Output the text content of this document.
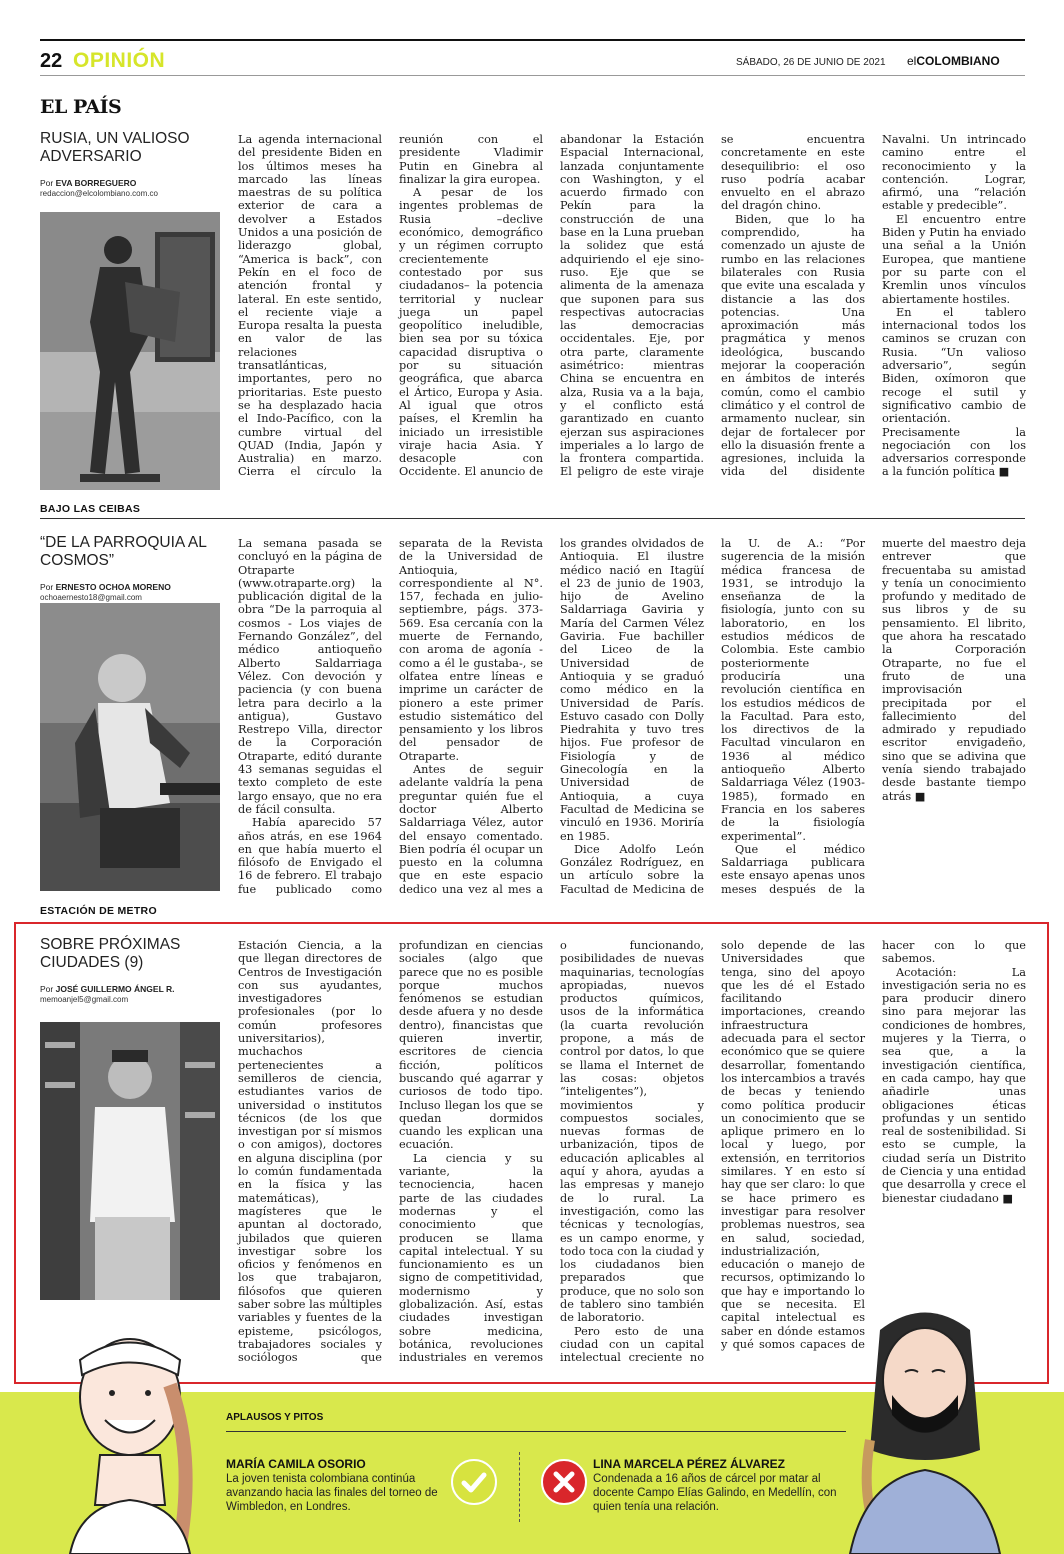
22 OPINIÓN	SÁBADO, 26 DE JUNIO DE 2021 elCOLOMBIANO
EL PAÍS
RUSIA, UN VALIOSO ADVERSARIO
Por EVA BORREGUERO
redaccion@elcolombiano.com.co

La agenda internacional del presidente Biden en los últimos meses ha marcado las líneas maestras de su política exterior de cara a devolver a Estados Unidos a una posición de liderazgo global, “America is back”, con Pekín en el foco de atención frontal y lateral. En este sentido, el reciente viaje a Europa resalta la puesta en valor de las relaciones transatlánticas, importantes, pero no prioritarias. Este puesto se ha desplazado hacia el Indo-Pacífico, con la cumbre virtual del QUAD (India, Japón y Australia) en marzo. Cierra el círculo la reunión con el presidente Vladimir Putin en Ginebra al finalizar la gira europea.

A pesar de los ingentes problemas de Rusia –declive económico, demográfico y un régimen corrupto crecientemente contestado por sus ciudadanos– la potencia territorial y nuclear juega un papel geopolítico ineludible, bien sea por su tóxica capacidad disruptiva o por su situación geográfica, que abarca el Ártico, Europa y Asia. Al igual que otros países, el Kremlin ha iniciado un irresistible viraje hacia Asia. Y desacople con Occidente. El anuncio de abandonar la Estación Espacial Internacional, lanzada conjuntamente con Washington, y el acuerdo firmado con Pekín para la construcción de una base en la Luna prueban la solidez que está adquiriendo el eje sino-ruso. Eje que se alimenta de la amenaza que suponen para sus respectivas autocracias las democracias occidentales. Eje, por otra parte, claramente asimétrico: mientras China se encuentra en alza, Rusia va a la baja, y el conflicto está garantizado en cuanto ejerzan sus aspiraciones imperiales a lo largo de la frontera compartida. El peligro de este viraje se encuentra concretamente en este desequilibrio: el oso ruso podría acabar envuelto en el abrazo del dragón chino.

Biden, que lo ha comprendido, ha comenzado un ajuste de rumbo en las relaciones bilaterales con Rusia que evite una escalada y distancie a las dos potencias. Una aproximación más pragmática y menos ideológica, buscando mejorar la cooperación en ámbitos de interés común, como el cambio climático y el control de armamento nuclear, sin dejar de fortalecer por ello la disuasión frente a agresiones, incluida la vida del disidente Navalni. Un intrincado camino entre el reconocimiento y la contención. Lograr, afirmó, una “relación estable y predecible”.

El encuentro entre Biden y Putin ha enviado una señal a la Unión Europea, que mantiene por su parte con el Kremlin unos vínculos abiertamente hostiles.

En el tablero internacional todos los caminos se cruzan con Rusia. “Un valioso adversario”, según Biden, oxímoron que recoge el sutil y significativo cambio de orientación. Precisamente la negociación con los adversarios corresponde a la función política ■

BAJO LAS CEIBAS
“DE LA PARROQUIA AL COSMOS”
Por ERNESTO OCHOA MORENO
ochoaernesto18@gmail.com

La semana pasada se concluyó en la página de Otraparte (www.otraparte.org) la publicación digital de la obra “De la parroquia al cosmos - Los viajes de Fernando González”, del médico antioqueño Alberto Saldarriaga Vélez. Con devoción y paciencia (y con buena letra para decirlo a la antigua), Gustavo Restrepo Villa, director de la Corporación Otraparte, editó durante 43 semanas seguidas el texto completo de este largo ensayo, que no era de fácil consulta.

Había aparecido 57 años atrás, en ese 1964 en que había muerto el filósofo de Envigado el 16 de febrero. El trabajo fue publicado como separata de la Revista de la Universidad de Antioquia, correspondiente al N°. 157, fechada en julio-septiembre, págs. 373-569. Esa cercanía con la muerte de Fernando, con aroma de agonía -como a él le gustaba-, se olfatea entre líneas e imprime un carácter de pionero a este primer estudio sistemático del pensamiento y los libros del pensador de Otraparte.

Antes de seguir adelante valdría la pena preguntar quién fue el doctor Alberto Saldarriaga Vélez, autor del ensayo comentado. Bien podría él ocupar un puesto en la columna que en este espacio dedico una vez al mes a los grandes olvidados de Antioquia. El ilustre médico nació en Itagüí el 23 de junio de 1903, hijo de Avelino Saldarriaga Gaviria y María del Carmen Vélez Gaviria. Fue bachiller del Liceo de la Universidad de Antioquia y se graduó como médico en la Universidad de París. Estuvo casado con Dolly Piedrahita y tuvo tres hijos. Fue profesor de Fisiología y de Ginecología en la Universidad de Antioquia, a cuya Facultad de Medicina se vinculó en 1936. Moriría en 1985.

Dice Adolfo León González Rodríguez, en un artículo sobre la Facultad de Medicina de la U. de A.: “Por sugerencia de la misión médica francesa de 1931, se introdujo la enseñanza de la fisiología, junto con su laboratorio, en los estudios médicos de Colombia. Este cambio posteriormente produciría una revolución científica en los estudios médicos de la Facultad. Para esto, los directivos de la Facultad vincularon en 1936 al médico antioqueño Alberto Saldarriaga Vélez (1903-1985), formado en Francia en los saberes de la fisiología experimental”.

Que el médico Saldarriaga publicara este ensayo apenas unos meses después de la muerte del maestro deja entrever que frecuentaba su amistad y tenía un conocimiento profundo y meditado de sus libros y de su pensamiento. El librito, que ahora ha rescatado la Corporación Otraparte, no fue el fruto de una improvisación precipitada por el fallecimiento del admirado y repudiado escritor envigadeño, sino que se adivina que venía siendo trabajado desde bastante tiempo atrás ■

ESTACIÓN DE METRO
SOBRE PRÓXIMAS CIUDADES (9)
Por JOSÉ GUILLERMO ÁNGEL R.
memoanjel5@gmail.com

Estación Ciencia, a la que llegan directores de Centros de Investigación con sus ayudantes, investigadores profesionales (por lo común profesores universitarios), muchachos pertenecientes a semilleros de ciencia, estudiantes varios de universidad o institutos técnicos (de los que investigan por sí mismos o con amigos), doctores en alguna disciplina (por lo común fundamentada en la física y las matemáticas), magísteres que le apuntan al doctorado, jubilados que quieren investigar sobre los oficios y fenómenos en los que trabajaron, filósofos que quieren saber sobre las múltiples variables y fuentes de la episteme, psicólogos, trabajadores sociales y sociólogos que profundizan en ciencias sociales (algo que parece que no es posible porque muchos fenómenos se estudian desde afuera y no desde dentro), financistas que quieren invertir, escritores de ciencia ficción, políticos buscando qué agarrar y curiosos de todo tipo. Incluso llegan los que se quedan dormidos cuando les explican una ecuación.

La ciencia y su variante, la tecnociencia, hacen parte de las ciudades modernas y el conocimiento que producen se llama capital intelectual. Y su funcionamiento es un signo de competitividad, modernismo y globalización. Así, estas ciudades investigan sobre medicina, botánica, revoluciones industriales en veremos o funcionando, posibilidades de nuevas maquinarias, tecnologías apropiadas, nuevos productos químicos, usos de la informática (la cuarta revolución propone, a más de control por datos, lo que se llama el Internet de las cosas: objetos “inteligentes”), movimientos y compuestos sociales, nuevas formas de urbanización, tipos de educación aplicables al aquí y ahora, ayudas a las empresas y manejo de lo rural. La investigación, como las técnicas y tecnologías, es un campo enorme, y todo toca con la ciudad y los ciudadanos bien preparados que produce, que no solo son de tablero sino también de laboratorio.

Pero esto de una ciudad con un capital intelectual creciente no solo depende de las Universidades que tenga, sino del apoyo que les dé el Estado facilitando importaciones, creando infraestructura adecuada para el sector económico que se quiere desarrollar, fomentando los intercambios a través de becas y teniendo como política producir un conocimiento que se aplique primero en lo local y luego, por extensión, en territorios similares. Y en esto sí hay que ser claro: lo que se hace primero es investigar para resolver problemas nuestros, sea en salud, sociedad, industrialización, educación o manejo de recursos, optimizando lo que hay e importando lo que se necesita. El capital intelectual es saber en dónde estamos y qué somos capaces de hacer con lo que sabemos.

Acotación: La investigación seria no es para producir dinero sino para mejorar las condiciones de hombres, mujeres y la Tierra, o sea que, a la investigación científica, en cada campo, hay que añadirle unas obligaciones éticas profundas y un sentido real de sostenibilidad. Si esto se cumple, la ciudad sería un Distrito de Ciencia y una entidad que desarrolla y crece el bienestar ciudadano ■

APLAUSOS Y PITOS
MARÍA CAMILA OSORIO
La joven tenista colombiana continúa avanzando hacia las finales del torneo de Wimbledon, en Londres.
LINA MARCELA PÉREZ ÁLVAREZ
Condenada a 16 años de cárcel por matar al docente Campo Elías Galindo, en Medellín, con quien tenía una relación.
